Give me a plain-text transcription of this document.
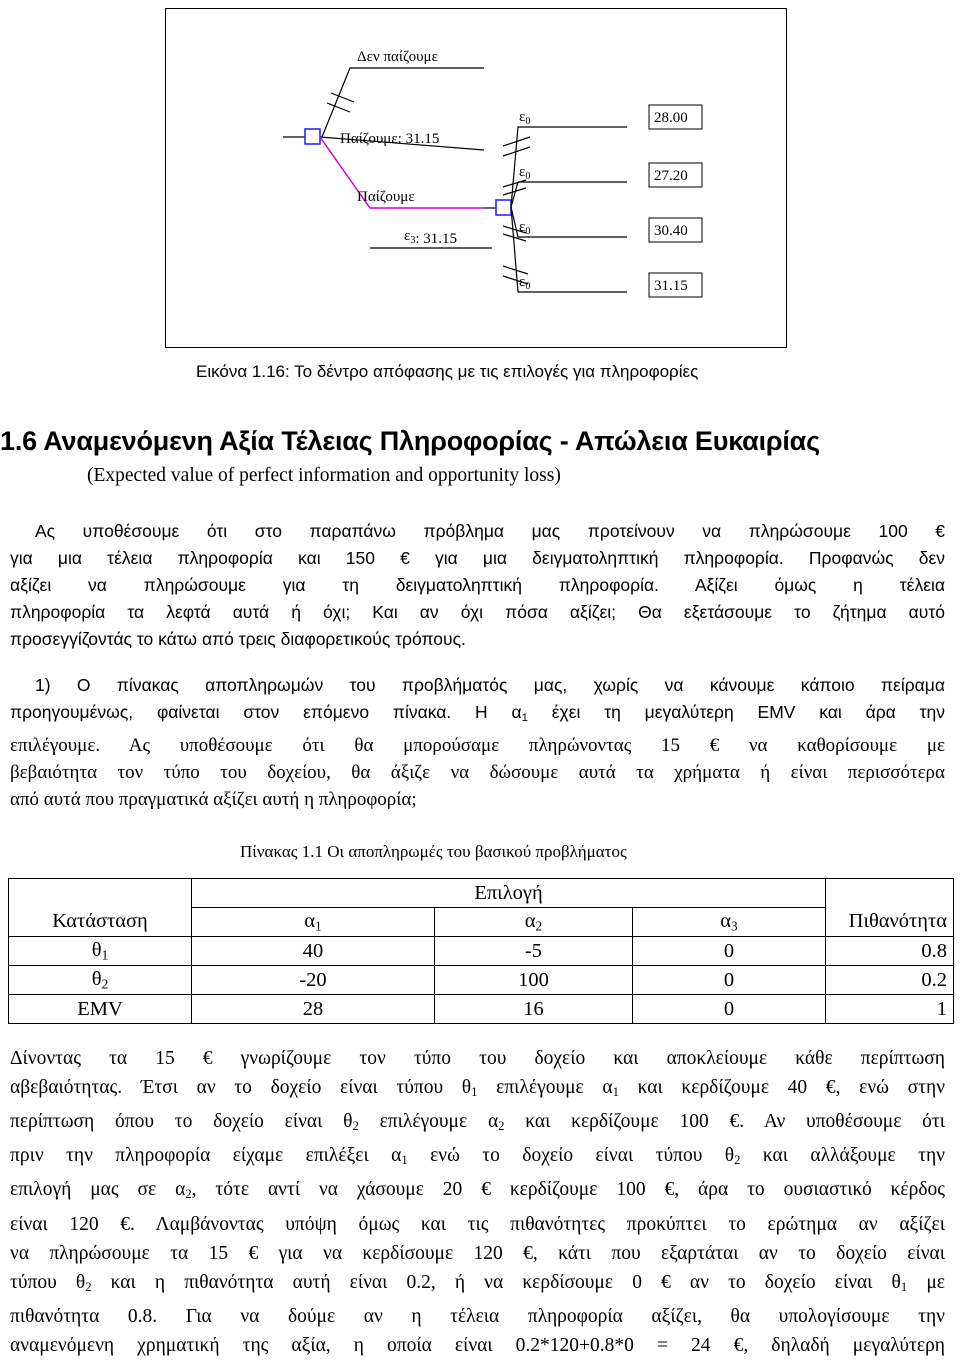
Δεν παίζουμε
Παίζουμε: 31.15
Παίζουμε
$\varepsilon_3$: 31.15
$\varepsilon_0$
$\varepsilon_0$
$\varepsilon_0$
$\varepsilon_0$
28.00
27.20
30.40
31.15
Εικόνα 1.16: Το δέντρο απόφασης με τις επιλογές για πληροφορίες
1.6 Αναμενόμενη Αξία Τέλειας Πληροφορίας - Απώλεια Ευκαιρίας
(Expected value of perfect information and opportunity loss)
Ας υποθέσουμε ότι στο παραπάνω πρόβλημα μας προτείνουν να πληρώσουμε 100 €
για μια τέλεια πληροφορία και 150 € για μια δειγματοληπτική πληροφορία. Προφανώς δεν
αξίζει να πληρώσουμε για τη δειγματοληπτική πληροφορία. Αξίζει όμως η τέλεια
πληροφορία τα λεφτά αυτά ή όχι; Και αν όχι πόσα αξίζει; Θα εξετάσουμε το ζήτημα αυτό
προσεγγίζοντάς το κάτω από τρεις διαφορετικούς τρόπους.
1) Ο πίνακας αποπληρωμών του προβλήματός μας, χωρίς να κάνουμε κάποιο πείραμα
προηγουμένως, φαίνεται στον επόμενο πίνακα. Η $\alpha_1$ έχει τη μεγαλύτερη EMV και άρα την
επιλέγουμε. Ας υποθέσουμε ότι θα μπορούσαμε πληρώνοντας 15 € να καθορίσουμε με
βεβαιότητα τον τύπο του δοχείου, θα άξιζε να δώσουμε αυτά τα χρήματα ή είναι περισσότερα
από αυτά που πραγματικά αξίζει αυτή η πληροφορία;
Πίνακας 1.1 Οι αποπληρωμές του βασικού προβλήματος
	Επιλογή			
Κατάσταση	$\alpha_1$	$\alpha_2$	$\alpha_3$	Πιθανότητα
$\theta_1$	40	-5	0	0.8
$\theta_2$	-20	100	0	0.2
EMV	28	16	0	1
Δίνοντας τα 15 € γνωρίζουμε τον τύπο του δοχείο και αποκλείουμε κάθε περίπτωση
αβεβαιότητας. Έτσι αν το δοχείο είναι τύπου $\theta_1$ επιλέγουμε $\alpha_1$ και κερδίζουμε 40 €, ενώ στην
περίπτωση όπου το δοχείο είναι $\theta_2$ επιλέγουμε $\alpha_2$ και κερδίζουμε 100 €. Αν υποθέσουμε ότι
πριν την πληροφορία είχαμε επιλέξει $\alpha_1$ ενώ το δοχείο είναι τύπου $\theta_2$ και αλλάξουμε την
επιλογή μας σε $\alpha_2$, τότε αντί να χάσουμε 20 € κερδίζουμε 100 €, άρα το ουσιαστικό κέρδος
είναι 120 €. Λαμβάνοντας υπόψη όμως και τις πιθανότητες προκύπτει το ερώτημα αν αξίζει
να πληρώσουμε τα 15 € για να κερδίσουμε 120 €, κάτι που εξαρτάται αν το δοχείο είναι
τύπου $\theta_2$ και η πιθανότητα αυτή είναι 0.2, ή να κερδίσουμε 0 € αν το δοχείο είναι $\theta_1$ με
πιθανότητα 0.8. Για να δούμε αν η τέλεια πληροφορία αξίζει, θα υπολογίσουμε την
αναμενόμενη χρηματική της αξία, η οποία είναι 0.2*120+0.8*0 = 24 €, δηλαδή μεγαλύτερη
